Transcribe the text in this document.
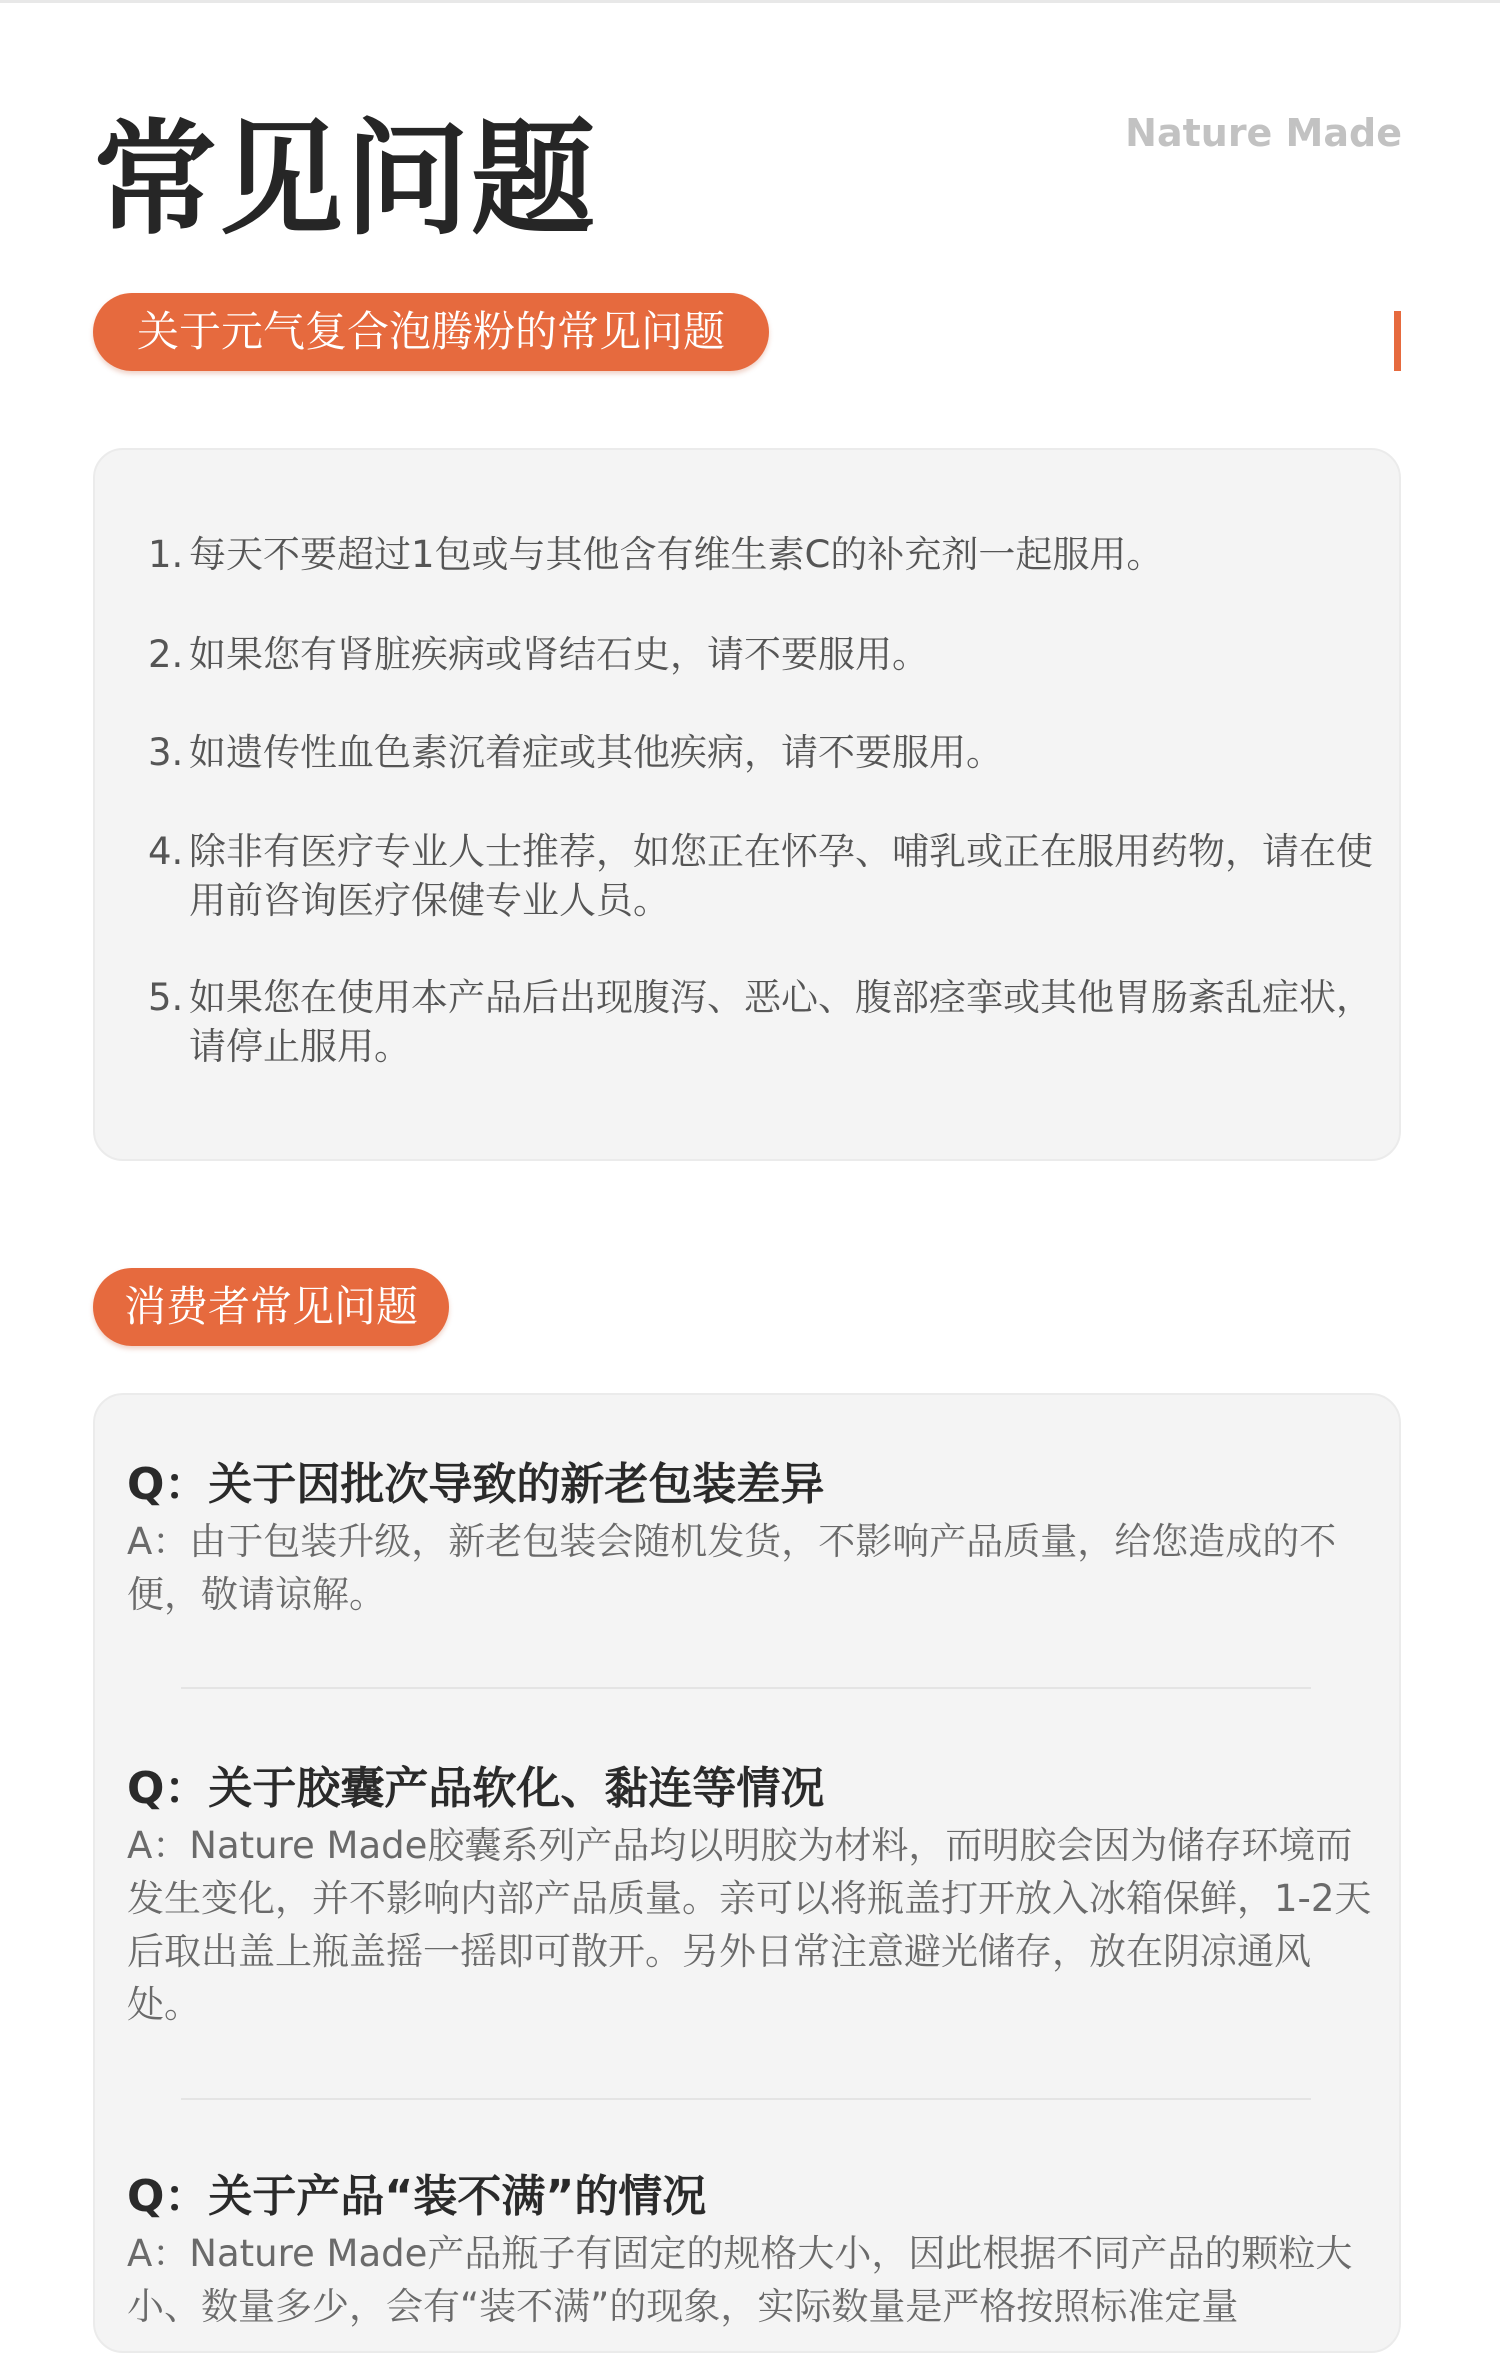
常见问题	Nature Made
关于元气复合泡腾粉的常见问题
1. 每天不要超过1包或与其他含有维生素C的补充剂一起服用。
2. 如果您有肾脏疾病或肾结石史，请不要服用。
3. 如遗传性血色素沉着症或其他疾病，请不要服用。
4. 除非有医疗专业人士推荐，如您正在怀孕、哺乳或正在服用药物，请在使用前咨询医疗保健专业人员。
5. 如果您在使用本产品后出现腹泻、恶心、腹部痉挛或其他胃肠紊乱症状，请停止服用。
消费者常见问题
Q：关于因批次导致的新老包装差异
A：由于包装升级，新老包装会随机发货，不影响产品质量，给您造成的不便，敬请谅解。
Q：关于胶囊产品软化、黏连等情况
A：Nature Made胶囊系列产品均以明胶为材料，而明胶会因为储存环境而发生变化，并不影响内部产品质量。亲可以将瓶盖打开放入冰箱保鲜，1-2天后取出盖上瓶盖摇一摇即可散开。另外日常注意避光储存，放在阴凉通风处。
Q：关于产品“装不满”的情况
A：Nature Made产品瓶子有固定的规格大小，因此根据不同产品的颗粒大小、数量多少，会有“装不满”的现象，实际数量是严格按照标准定量
